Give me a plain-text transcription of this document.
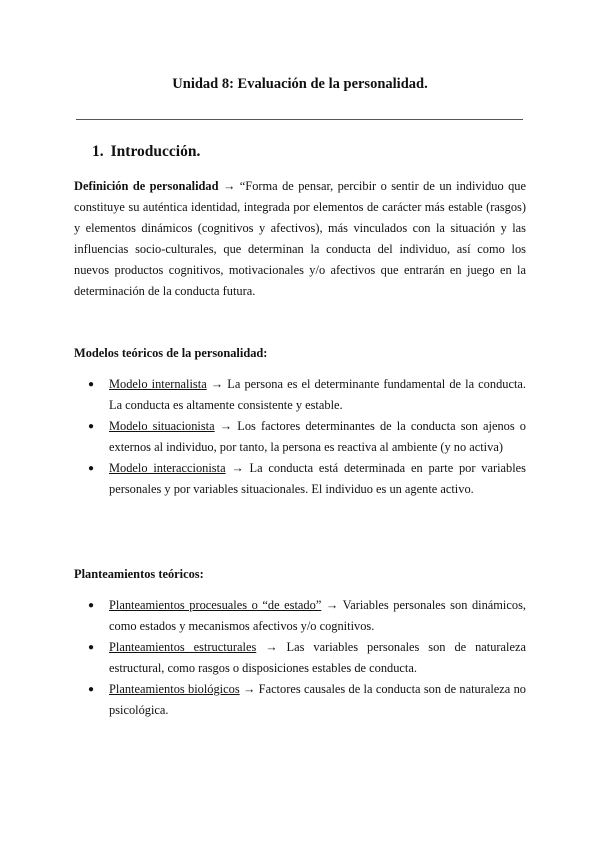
Unidad 8: Evaluación de la personalidad.
1. Introducción.

Definición de personalidad → “Forma de pensar, percibir o sentir de un individuo que constituye su auténtica identidad, integrada por elementos de carácter más estable (rasgos) y elementos dinámicos (cognitivos y afectivos), más vinculados con la situación y las influencias socio-culturales, que determinan la conducta del individuo, así como los nuevos productos cognitivos, motivacionales y/o afectivos que entrarán en juego en la determinación de la conducta futura.

Modelos teóricos de la personalidad:
● Modelo internalista → La persona es el determinante fundamental de la conducta. La conducta es altamente consistente y estable.
● Modelo situacionista → Los factores determinantes de la conducta son ajenos o externos al individuo, por tanto, la persona es reactiva al ambiente (y no activa)
● Modelo interaccionista → La conducta está determinada en parte por variables personales y por variables situacionales. El individuo es un agente activo.
Planteamientos teóricos:
● Planteamientos procesuales o “de estado” → Variables personales son dinámicos, como estados y mecanismos afectivos y/o cognitivos.
● Planteamientos estructurales → Las variables personales son de naturaleza estructural, como rasgos o disposiciones estables de conducta.
● Planteamientos biológicos → Factores causales de la conducta son de naturaleza no psicológica.
